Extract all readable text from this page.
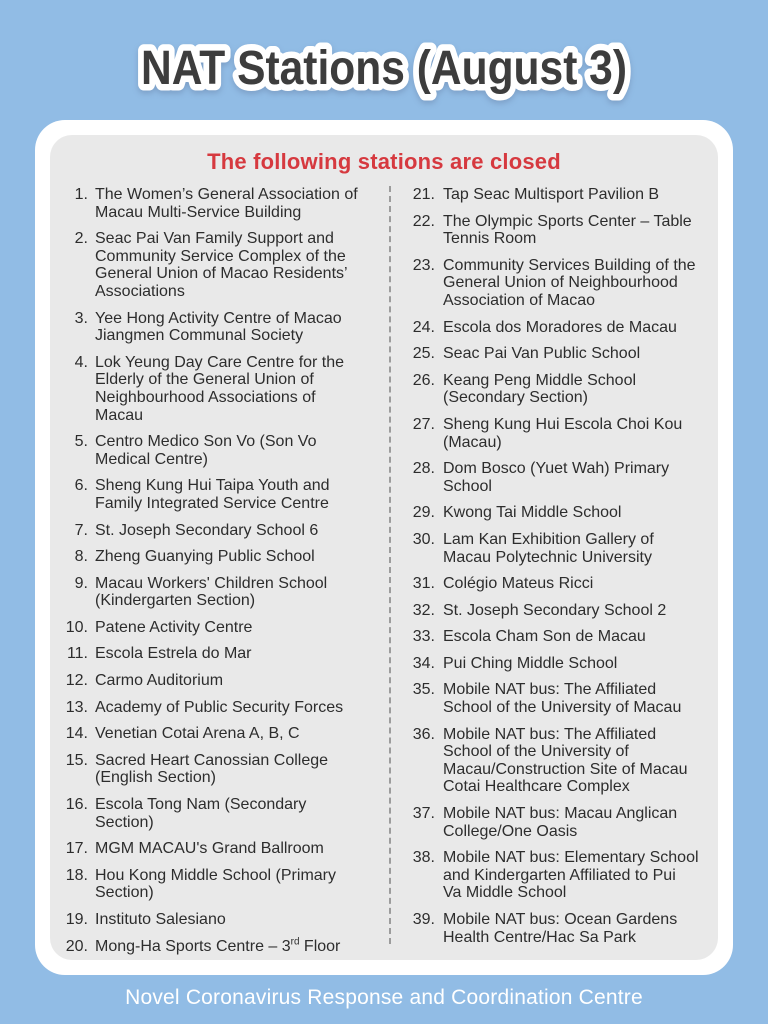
NAT Stations (August 3)
The following stations are closed
1. The Women’s General Association of
Macau Multi-Service Building
2. Seac Pai Van Family Support and
Community Service Complex of the
General Union of Macao Residents’
Associations
3. Yee Hong Activity Centre of Macao
Jiangmen Communal Society
4. Lok Yeung Day Care Centre for the
Elderly of the General Union of
Neighbourhood Associations of
Macau
5. Centro Medico Son Vo (Son Vo
Medical Centre)
6. Sheng Kung Hui Taipa Youth and
Family Integrated Service Centre
7. St. Joseph Secondary School 6
8. Zheng Guanying Public School
9. Macau Workers' Children School
(Kindergarten Section)
10. Patene Activity Centre
11. Escola Estrela do Mar
12. Carmo Auditorium
13. Academy of Public Security Forces
14. Venetian Cotai Arena A, B, C
15. Sacred Heart Canossian College
(English Section)
16. Escola Tong Nam (Secondary
Section)
17. MGM MACAU's Grand Ballroom
18. Hou Kong Middle School (Primary
Section)
19. Instituto Salesiano
20. Mong-Ha Sports Centre – 3rd Floor
21. Tap Seac Multisport Pavilion B
22. The Olympic Sports Center – Table
Tennis Room
23. Community Services Building of the
General Union of Neighbourhood
Association of Macao
24. Escola dos Moradores de Macau
25. Seac Pai Van Public School
26. Keang Peng Middle School
(Secondary Section)
27. Sheng Kung Hui Escola Choi Kou
(Macau)
28. Dom Bosco (Yuet Wah) Primary
School
29. Kwong Tai Middle School
30. Lam Kan Exhibition Gallery of
Macau Polytechnic University
31. Colégio Mateus Ricci
32. St. Joseph Secondary School 2
33. Escola Cham Son de Macau
34. Pui Ching Middle School
35. Mobile NAT bus: The Affiliated
School of the University of Macau
36. Mobile NAT bus: The Affiliated
School of the University of
Macau/Construction Site of Macau
Cotai Healthcare Complex
37. Mobile NAT bus: Macau Anglican
College/One Oasis
38. Mobile NAT bus: Elementary School
and Kindergarten Affiliated to Pui
Va Middle School
39. Mobile NAT bus: Ocean Gardens
Health Centre/Hac Sa Park
Novel Coronavirus Response and Coordination Centre
